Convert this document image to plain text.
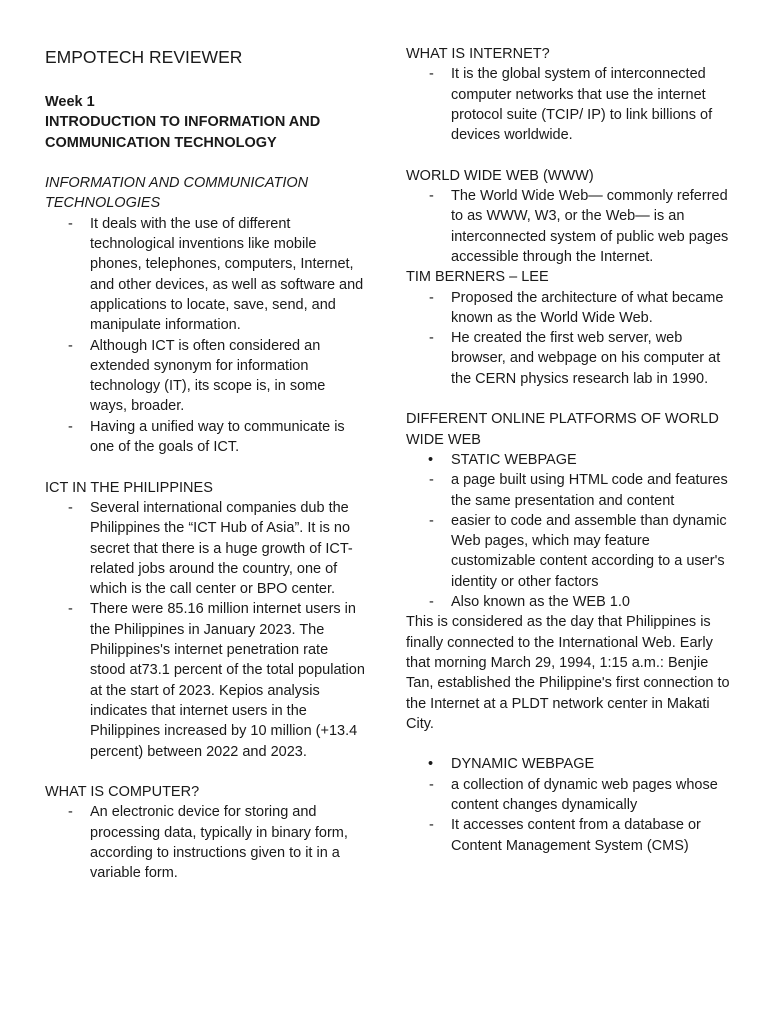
EMPOTECH REVIEWER
Week 1
INTRODUCTION TO INFORMATION AND COMMUNICATION TECHNOLOGY
INFORMATION AND COMMUNICATION TECHNOLOGIES
- It deals with the use of different technological inventions like mobile phones, telephones, computers, Internet, and other devices, as well as software and applications to locate, save, send, and manipulate information.
- Although ICT is often considered an extended synonym for information technology (IT), its scope is, in some ways, broader.
- Having a unified way to communicate is one of the goals of ICT.
ICT IN THE PHILIPPINES
- Several international companies dub the Philippines the “ICT Hub of Asia”. It is no secret that there is a huge growth of ICT-related jobs around the country, one of which is the call center or BPO center.
- There were 85.16 million internet users in the Philippines in January 2023. The Philippines's internet penetration rate stood at73.1 percent of the total population at the start of 2023. Kepios analysis indicates that internet users in the Philippines increased by 10 million (+13.4 percent) between 2022 and 2023.
WHAT IS COMPUTER?
- An electronic device for storing and processing data, typically in binary form, according to instructions given to it in a variable form.
WHAT IS INTERNET?
- It is the global system of interconnected computer networks that use the internet protocol suite (TCIP/ IP) to link billions of devices worldwide.
WORLD WIDE WEB (WWW)
- The World Wide Web— commonly referred to as WWW, W3, or the Web— is an interconnected system of public web pages accessible through the Internet.
TIM BERNERS – LEE
- Proposed the architecture of what became known as the World Wide Web.
- He created the first web server, web browser, and webpage on his computer at the CERN physics research lab in 1990.
DIFFERENT ONLINE PLATFORMS OF WORLD WIDE WEB
• STATIC WEBPAGE
- a page built using HTML code and features the same presentation and content
- easier to code and assemble than dynamic Web pages, which may feature customizable content according to a user's identity or other factors
- Also known as the WEB 1.0

This is considered as the day that Philippines is finally connected to the International Web. Early that morning March 29, 1994, 1:15 a.m.: Benjie Tan, established the Philippine's first connection to the Internet at a PLDT network center in Makati City.

• DYNAMIC WEBPAGE
- a collection of dynamic web pages whose content changes dynamically
- It accesses content from a database or Content Management System (CMS)
